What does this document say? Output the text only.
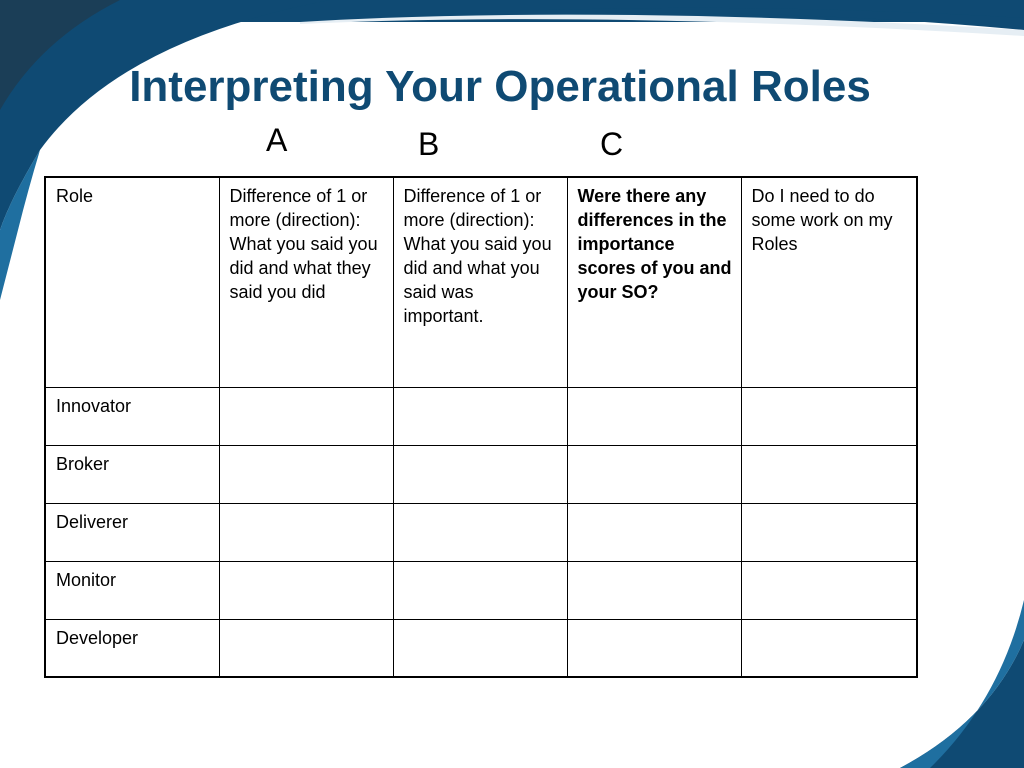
Interpreting Your Operational Roles
A	B	C
Role	Difference of 1 or more (direction): What you said you did and what they said you did	Difference of 1 or more (direction): What you said you did and what you said was important.	Were there any differences in the importance scores of you and your SO?	Do I need to do some work on my Roles
Innovator				
Broker				
Deliverer				
Monitor				
Developer				
